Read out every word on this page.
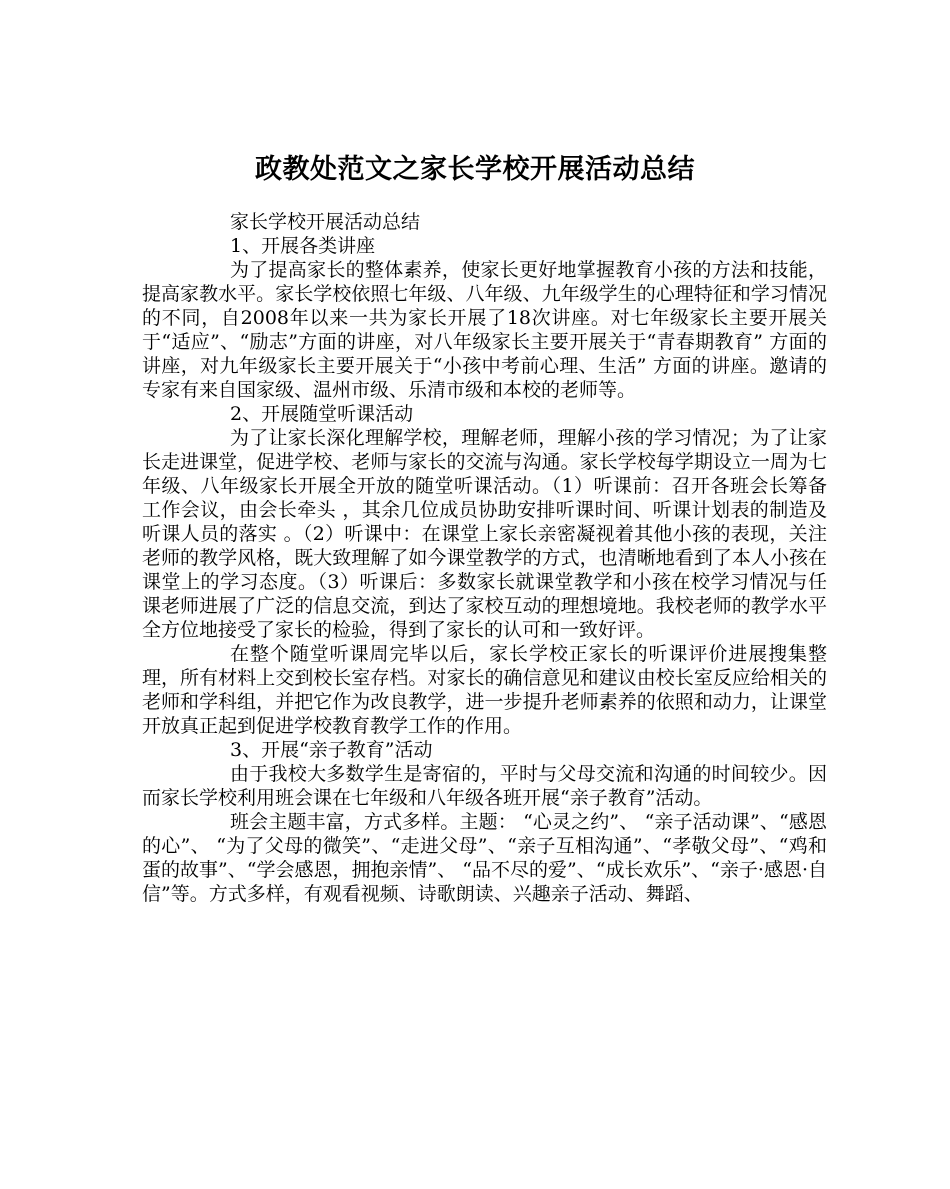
政教处范文之家长学校开展活动总结

家长学校开展活动总结

1、开展各类讲座

为了提高家长的整体素养，使家长更好地掌握教育小孩的方法和技能，提高家教水平。家长学校依照七年级、八年级、九年级学生的心理特征和学习情况的不同，自2008年以来一共为家长开展了18次讲座。对七年级家长主要开展关于“适应”、“励志”方面的讲座，对八年级家长主要开展关于“青春期教育” 方面的讲座，对九年级家长主要开展关于“小孩中考前心理、生活” 方面的讲座。邀请的专家有来自国家级、温州市级、乐清市级和本校的老师等。

2、开展随堂听课活动

为了让家长深化理解学校，理解老师，理解小孩的学习情况；为了让家长走进课堂，促进学校、老师与家长的交流与沟通。家长学校每学期设立一周为七年级、八年级家长开展全开放的随堂听课活动。（1）听课前：召开各班会长筹备工作会议，由会长牵头 ，其余几位成员协助安排听课时间、听课计划表的制造及听课人员的落实 。（2）听课中：在课堂上家长亲密凝视着其他小孩的表现，关注老师的教学风格，既大致理解了如今课堂教学的方式，也清晰地看到了本人小孩在课堂上的学习态度。（3）听课后：多数家长就课堂教学和小孩在校学习情况与任课老师进展了广泛的信息交流，到达了家校互动的理想境地。我校老师的教学水平全方位地接受了家长的检验，得到了家长的认可和一致好评。

在整个随堂听课周完毕以后，家长学校正家长的听课评价进展搜集整理，所有材料上交到校长室存档。对家长的确信意见和建议由校长室反应给相关的老师和学科组，并把它作为改良教学，进一步提升老师素养的依照和动力，让课堂开放真正起到促进学校教育教学工作的作用。

3、开展“亲子教育”活动

由于我校大多数学生是寄宿的，平时与父母交流和沟通的时间较少。因而家长学校利用班会课在七年级和八年级各班开展“亲子教育”活动。

班会主题丰富，方式多样。主题： “心灵之约”、 “亲子活动课”、“感恩的心”、 “为了父母的微笑”、“走进父母”、“亲子互相沟通”、“孝敬父母”、“鸡和蛋的故事”、“学会感恩，拥抱亲情”、 “品不尽的爱”、“成长欢乐”、“亲子·感恩·自信”等。方式多样，有观看视频、诗歌朗读、兴趣亲子活动、舞蹈、
